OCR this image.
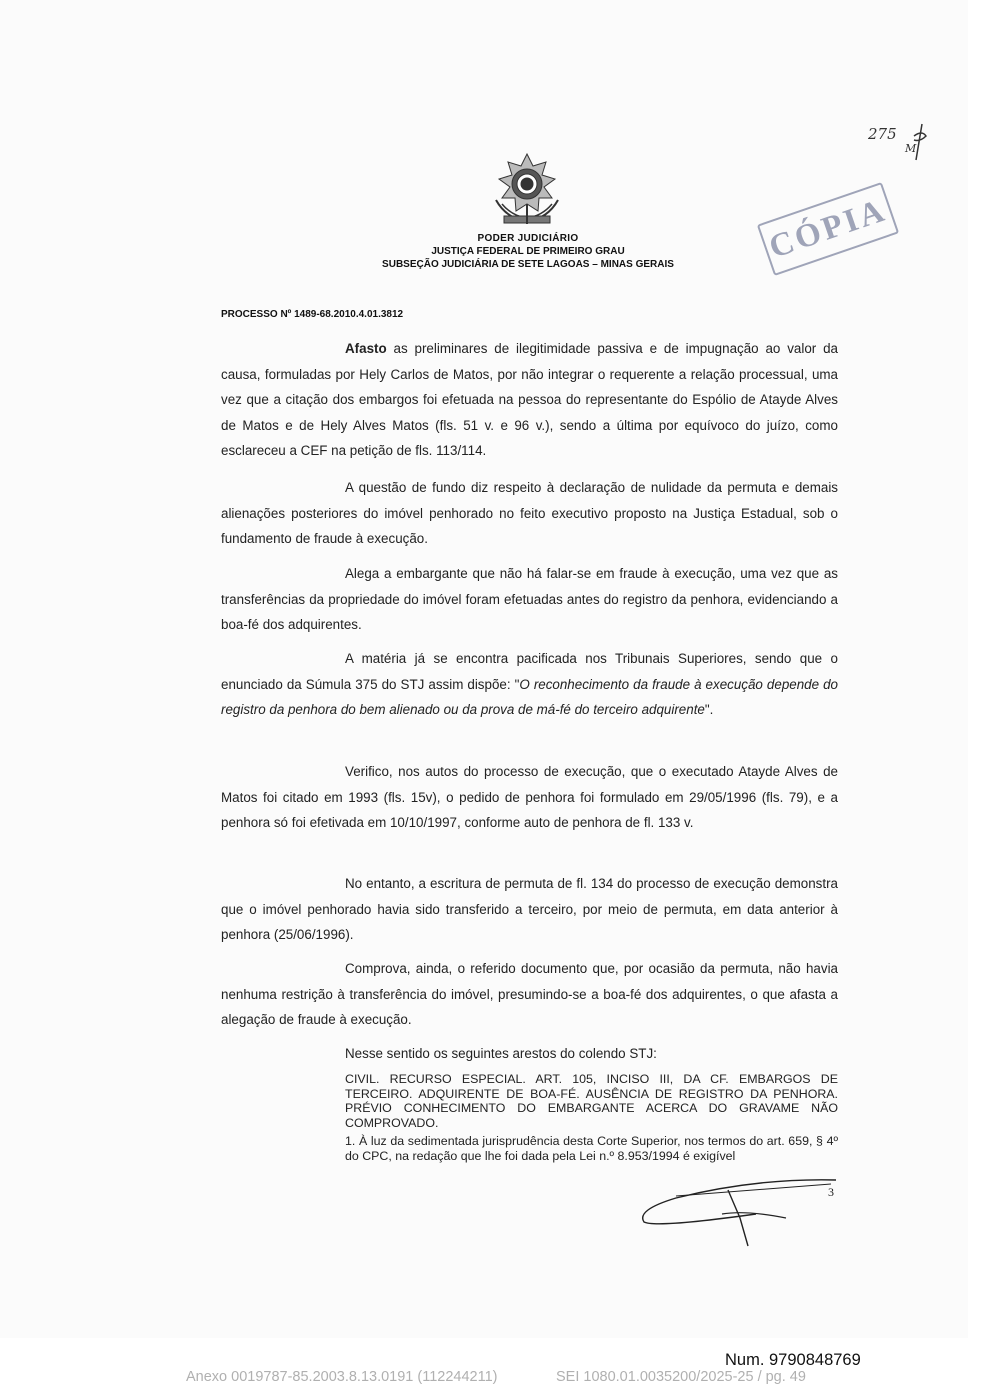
PODER JUDICIÁRIO
JUSTIÇA FEDERAL DE PRIMEIRO GRAU
SUBSEÇÃO JUDICIÁRIA DE SETE LAGOAS – MINAS GERAIS	CÓPIA
275
M
PROCESSO Nº 1489-68.2010.4.01.3812
Afasto as preliminares de ilegitimidade passiva e de impugnação ao valor da causa, formuladas por Hely Carlos de Matos, por não integrar o requerente a relação processual, uma vez que a citação dos embargos foi efetuada na pessoa do representante do Espólio de Atayde Alves de Matos e de Hely Alves Matos (fls. 51 v. e 96 v.), sendo a última por equívoco do juízo, como esclareceu a CEF na petição de fls. 113/114.
A questão de fundo diz respeito à declaração de nulidade da permuta e demais alienações posteriores do imóvel penhorado no feito executivo proposto na Justiça Estadual, sob o fundamento de fraude à execução.
Alega a embargante que não há falar-se em fraude à execução, uma vez que as transferências da propriedade do imóvel foram efetuadas antes do registro da penhora, evidenciando a boa-fé dos adquirentes.
A matéria já se encontra pacificada nos Tribunais Superiores, sendo que o enunciado da Súmula 375 do STJ assim dispõe: "O reconhecimento da fraude à execução depende do registro da penhora do bem alienado ou da prova de má-fé do terceiro adquirente".
Verifico, nos autos do processo de execução, que o executado Atayde Alves de Matos foi citado em 1993 (fls. 15v), o pedido de penhora foi formulado em 29/05/1996 (fls. 79), e a penhora só foi efetivada em 10/10/1997, conforme auto de penhora de fl. 133 v.
No entanto, a escritura de permuta de fl. 134 do processo de execução demonstra que o imóvel penhorado havia sido transferido a terceiro, por meio de permuta, em data anterior à penhora (25/06/1996).
Comprova, ainda, o referido documento que, por ocasião da permuta, não havia nenhuma restrição à transferência do imóvel, presumindo-se a boa-fé dos adquirentes, o que afasta a alegação de fraude à execução.
Nesse sentido os seguintes arestos do colendo STJ:
CIVIL. RECURSO ESPECIAL. ART. 105, INCISO III, DA CF. EMBARGOS DE TERCEIRO. ADQUIRENTE DE BOA-FÉ. AUSÊNCIA DE REGISTRO DA PENHORA. PRÉVIO CONHECIMENTO DO EMBARGANTE ACERCA DO GRAVAME NÃO COMPROVADO.
1. À luz da sedimentada jurisprudência desta Corte Superior, nos termos do art. 659, § 4º do CPC, na redação que lhe foi dada pela Lei n.º 8.953/1994 é exigível
3
Num. 9790848769
Anexo 0019787-85.2003.8.13.0191 (112244211)	SEI 1080.01.0035200/2025-25 / pg. 49
